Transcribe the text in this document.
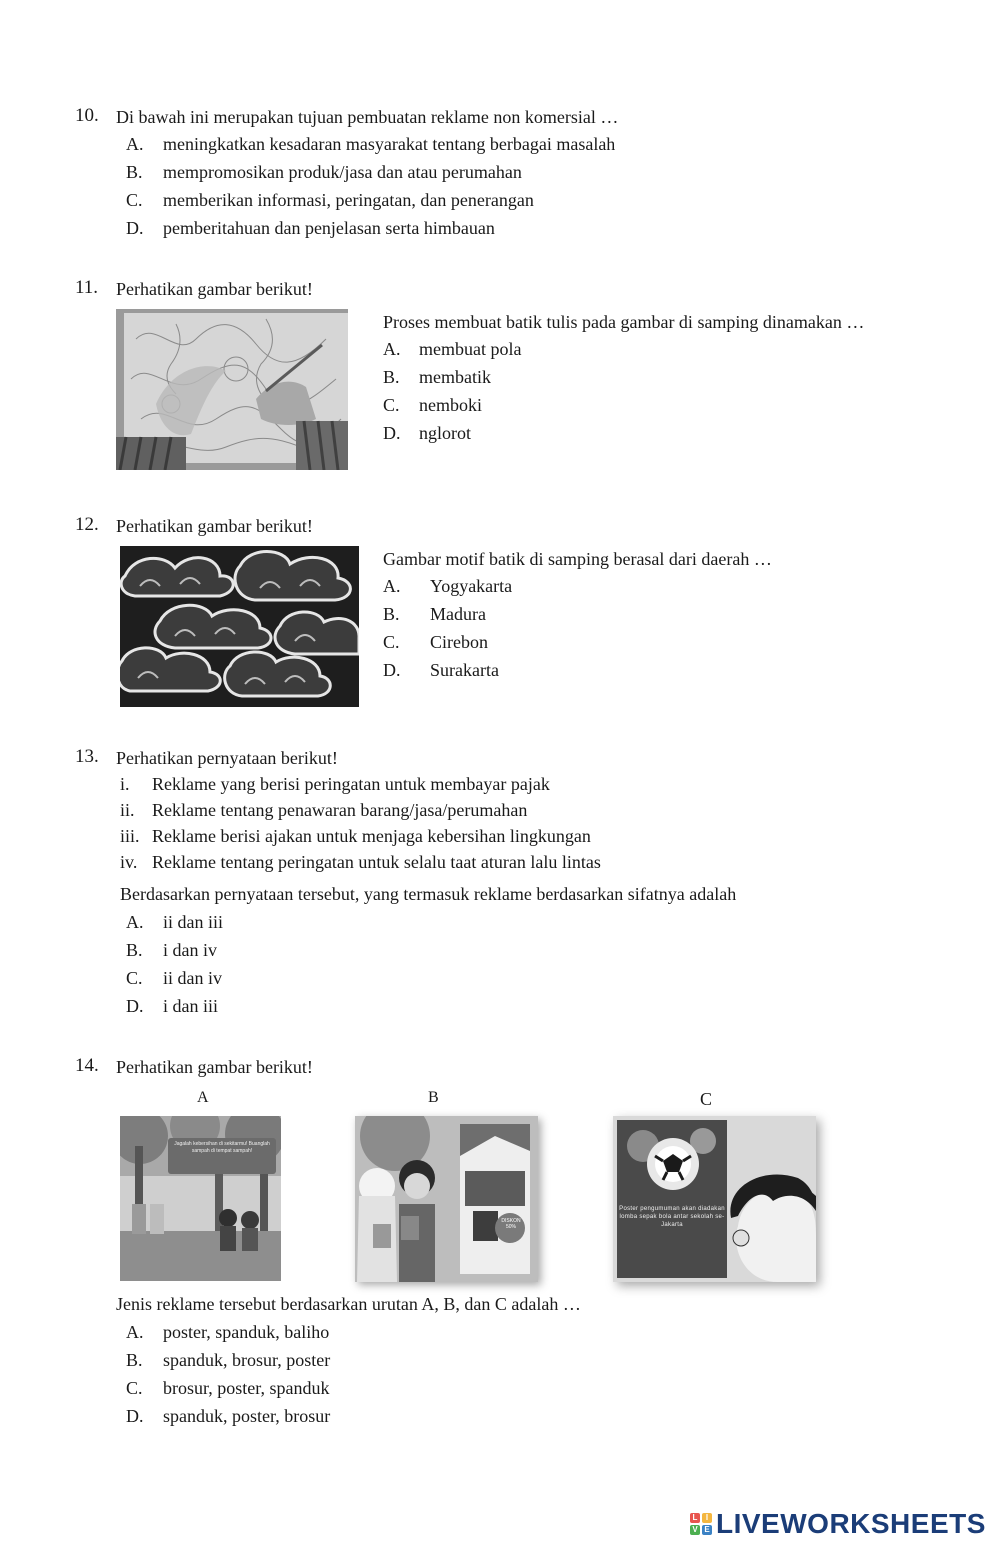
10. Di bawah ini merupakan tujuan pembuatan reklame non komersial …
A. meningkatkan kesadaran masyarakat tentang berbagai masalah
B. mempromosikan produk/jasa dan atau perumahan
C. memberikan informasi, peringatan, dan penerangan
D. pemberitahuan dan penjelasan serta himbauan
11. Perhatikan gambar berikut!
Proses membuat batik tulis pada gambar di samping dinamakan …
A. membuat pola
B. membatik
C. nemboki
D. nglorot
12. Perhatikan gambar berikut!
Gambar motif batik di samping berasal dari daerah …
A. Yogyakarta
B. Madura
C. Cirebon
D. Surakarta
13. Perhatikan pernyataan berikut!
i. Reklame yang berisi peringatan untuk membayar pajak
ii. Reklame tentang penawaran barang/jasa/perumahan
iii. Reklame berisi ajakan untuk menjaga kebersihan lingkungan
iv. Reklame tentang peringatan untuk selalu taat aturan lalu lintas
Berdasarkan pernyataan tersebut, yang termasuk reklame berdasarkan sifatnya adalah
A. ii dan iii
B. i dan iv
C. ii dan iv
D. i dan iii
14. Perhatikan gambar berikut!
A	B	C
Jagalah kebersihan di sekitarmu! Buanglah sampah di tempat sampah!
DISKON 50%
Poster pengumuman akan diadakan lomba sepak bola antar sekolah se-Jakarta
Jenis reklame tersebut berdasarkan urutan A, B, dan C adalah …
A. poster, spanduk, baliho
B. spanduk, brosur, poster
C. brosur, poster, spanduk
D. spanduk, poster, brosur
L	I
V E LIVEWORKSHEETS
